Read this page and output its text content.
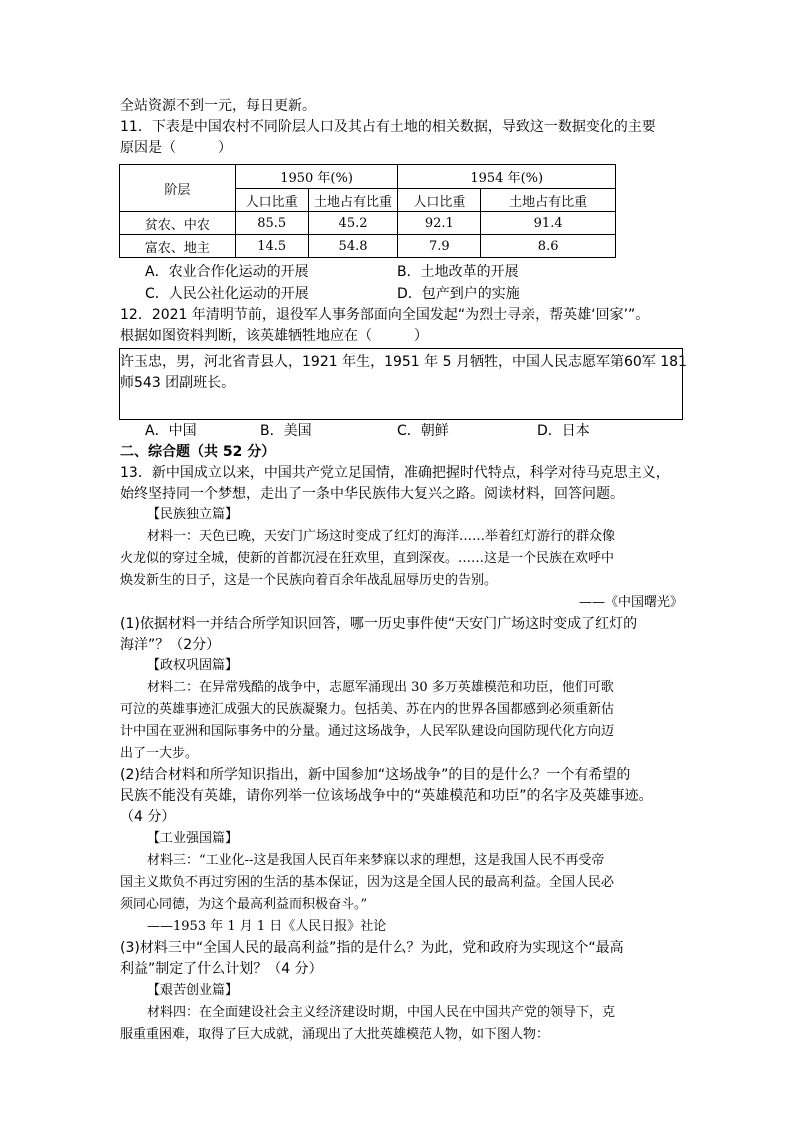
全站资源不到一元，每日更新。
11．下表是中国农村不同阶层人口及其占有土地的相关数据，导致这一数据变化的主要
原因是（　　　）
阶层	1950 年(%)		1954 年(%)	
	人口比重	土地占有比重	人口比重	土地占有比重
贫农、中农	85.5	45.2	92.1	91.4
富农、地主	14.5	54.8	7.9	8.6
A．农业合作化运动的开展	B．土地改革的开展
C．人民公社化运动的开展	D．包产到户的实施
12．2021 年清明节前，退役军人事务部面向全国发起“为烈士寻亲，帮英雄‘回家’”。
根据如图资料判断，该英雄牺牲地应在（　　　）
许玉忠，男，河北省青县人，1921 年生，1951 年 5 月牺牲，中国人民志愿军第60军 181
师543 团副班长。
A．中国	B．美国	C．朝鲜	D．日本
二、综合题（共 52 分）
13．新中国成立以来，中国共产党立足国情，准确把握时代特点，科学对待马克思主义，
始终坚持同一个梦想，走出了一条中华民族伟大复兴之路。阅读材料，回答问题。
【民族独立篇】
材料一：天色已晚，天安门广场这时变成了红灯的海洋……举着红灯游行的群众像
火龙似的穿过全城，使新的首都沉浸在狂欢里，直到深夜。……这是一个民族在欢呼中
焕发新生的日子，这是一个民族向着百余年战乱屈辱历史的告别。
——《中国曙光》
(1)依据材料一并结合所学知识回答，哪一历史事件使“天安门广场这时变成了红灯的
海洋”？（2分）
【政权巩固篇】
材料二：在异常残酷的战争中，志愿军涌现出 30 多万英雄模范和功臣，他们可歌
可泣的英雄事迹汇成强大的民族凝聚力。包括美、苏在内的世界各国都感到必须重新估
计中国在亚洲和国际事务中的分量。通过这场战争，人民军队建设向国防现代化方向迈
出了一大步。
(2)结合材料和所学知识指出，新中国参加“这场战争”的目的是什么？一个有希望的
民族不能没有英雄，请你列举一位该场战争中的“英雄模范和功臣”的名字及英雄事迹。
（4 分）
【工业强国篇】
材料三：“工业化--这是我国人民百年来梦寐以求的理想，这是我国人民不再受帝
国主义欺负不再过穷困的生活的基本保证，因为这是全国人民的最高利益。全国人民必
须同心同德，为这个最高利益而积极奋斗。”
——1953 年 1 月 1 日《人民日报》社论
(3)材料三中“全国人民的最高利益”指的是什么？为此，党和政府为实现这个“最高
利益”制定了什么计划？（4 分）
【艰苦创业篇】
材料四：在全面建设社会主义经济建设时期，中国人民在中国共产党的领导下，克
服重重困难，取得了巨大成就，涌现出了大批英雄模范人物，如下图人物：
